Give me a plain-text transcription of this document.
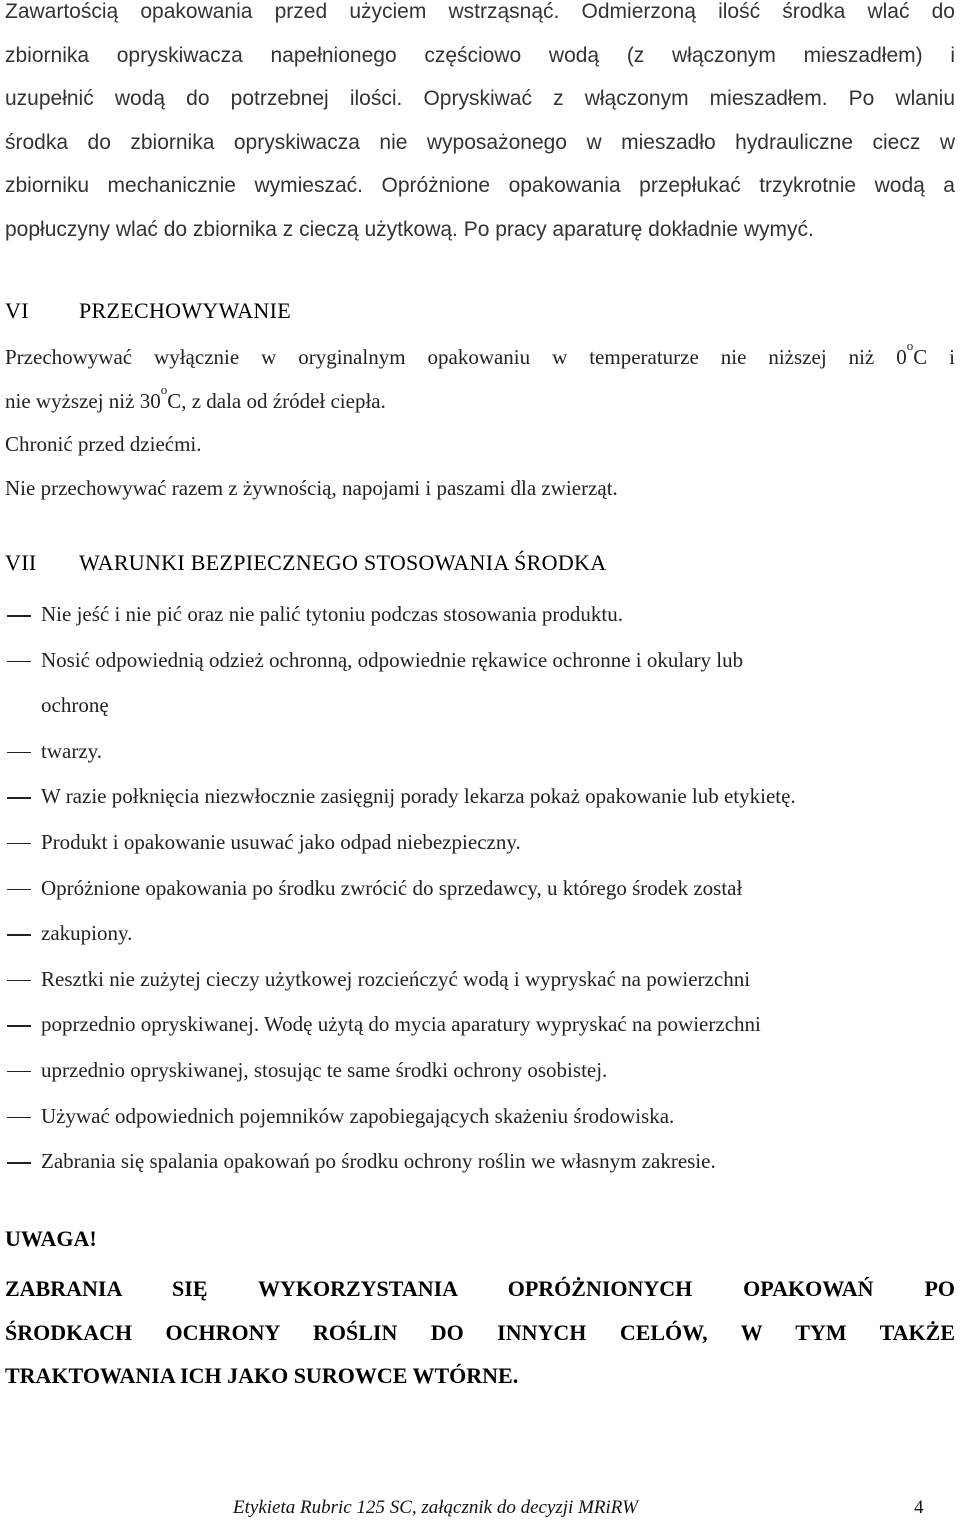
Zawartością opakowania przed użyciem wstrząsnąć. Odmierzoną ilość środka wlać do
zbiornika opryskiwacza napełnionego częściowo wodą (z włączonym mieszadłem) i
uzupełnić wodą do potrzebnej ilości. Opryskiwać z włączonym mieszadłem. Po wlaniu
środka do zbiornika opryskiwacza nie wyposażonego w mieszadło hydrauliczne ciecz w
zbiorniku mechanicznie wymieszać. Opróżnione opakowania przepłukać trzykrotnie wodą a
popłuczyny wlać do zbiornika z cieczą użytkową. Po pracy aparaturę dokładnie wymyć.
VI PRZECHOWYWANIE
Przechowywać wyłącznie w oryginalnym opakowaniu w temperaturze nie niższej niż 0$^o$C i
nie wyższej niż 30$^o$C, z dala od źródeł ciepła.
Chronić przed dziećmi.
Nie przechowywać razem z żywnością, napojami i paszami dla zwierząt.
VII WARUNKI BEZPIECZNEGO STOSOWANIA ŚRODKA
Nie jeść i nie pić oraz nie palić tytoniu podczas stosowania produktu.
Nosić odpowiednią odzież ochronną, odpowiednie rękawice ochronne i okulary lub
ochronę
twarzy.
W razie połknięcia niezwłocznie zasięgnij porady lekarza pokaż opakowanie lub etykietę.
Produkt i opakowanie usuwać jako odpad niebezpieczny.
Opróżnione opakowania po środku zwrócić do sprzedawcy, u którego środek został
zakupiony.
Resztki nie zużytej cieczy użytkowej rozcieńczyć wodą i wypryskać na powierzchni
poprzednio opryskiwanej. Wodę użytą do mycia aparatury wypryskać na powierzchni
uprzednio opryskiwanej, stosując te same środki ochrony osobistej.
Używać odpowiednich pojemników zapobiegających skażeniu środowiska.
Zabrania się spalania opakowań po środku ochrony roślin we własnym zakresie.

UWAGA!

ZABRANIA SIĘ WYKORZYSTANIA OPRÓŻNIONYCH OPAKOWAŃ PO
ŚRODKACH OCHRONY ROŚLIN DO INNYCH CELÓW, W TYM TAKŻE
TRAKTOWANIA ICH JAKO SUROWCE WTÓRNE.
Etykieta Rubric 125 SC, załącznik do decyzji MRiRW	4
